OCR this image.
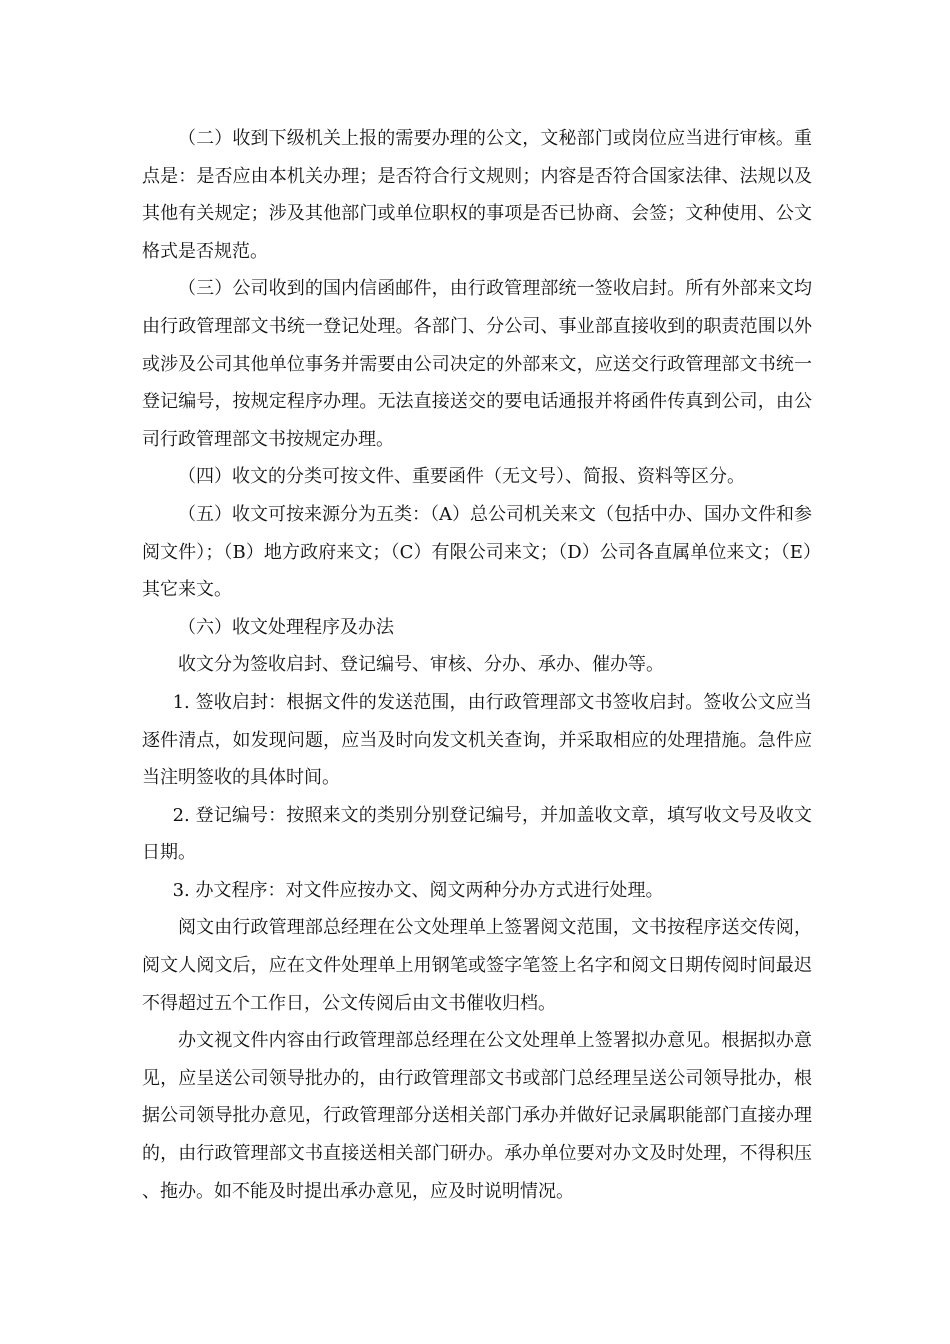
（二）收到下级机关上报的需要办理的公文，文秘部门或岗位应当进行审核。重点是：是否应由本机关办理；是否符合行文规则；内容是否符合国家法律、法规以及其他有关规定；涉及其他部门或单位职权的事项是否已协商、会签；文种使用、公文格式是否规范。

（三）公司收到的国内信函邮件，由行政管理部统一签收启封。所有外部来文均由行政管理部文书统一登记处理。各部门、分公司、事业部直接收到的职责范围以外或涉及公司其他单位事务并需要由公司决定的外部来文，应送交行政管理部文书统一登记编号，按规定程序办理。无法直接送交的要电话通报并将函件传真到公司，由公司行政管理部文书按规定办理。

（四）收文的分类可按文件、重要函件（无文号）、简报、资料等区分。

（五）收文可按来源分为五类：（A）总公司机关来文（包括中办、国办文件和参阅文件）；（B）地方政府来文；（C）有限公司来文；（D）公司各直属单位来文；（E）其它来文。

（六）收文处理程序及办法

收文分为签收启封、登记编号、审核、分办、承办、催办等。

1. 签收启封：根据文件的发送范围，由行政管理部文书签收启封。签收公文应当逐件清点，如发现问题，应当及时向发文机关查询，并采取相应的处理措施。急件应当注明签收的具体时间。

2. 登记编号：按照来文的类别分别登记编号，并加盖收文章，填写收文号及收文日期。

3. 办文程序：对文件应按办文、阅文两种分办方式进行处理。

阅文由行政管理部总经理在公文处理单上签署阅文范围，文书按程序送交传阅，阅文人阅文后，应在文件处理单上用钢笔或签字笔签上名字和阅文日期传阅时间最迟不得超过五个工作日，公文传阅后由文书催收归档。

办文视文件内容由行政管理部总经理在公文处理单上签署拟办意见。根据拟办意见，应呈送公司领导批办的，由行政管理部文书或部门总经理呈送公司领导批办，根据公司领导批办意见，行政管理部分送相关部门承办并做好记录属职能部门直接办理的，由行政管理部文书直接送相关部门研办。承办单位要对办文及时处理，不得积压、拖办。如不能及时提出承办意见，应及时说明情况。
